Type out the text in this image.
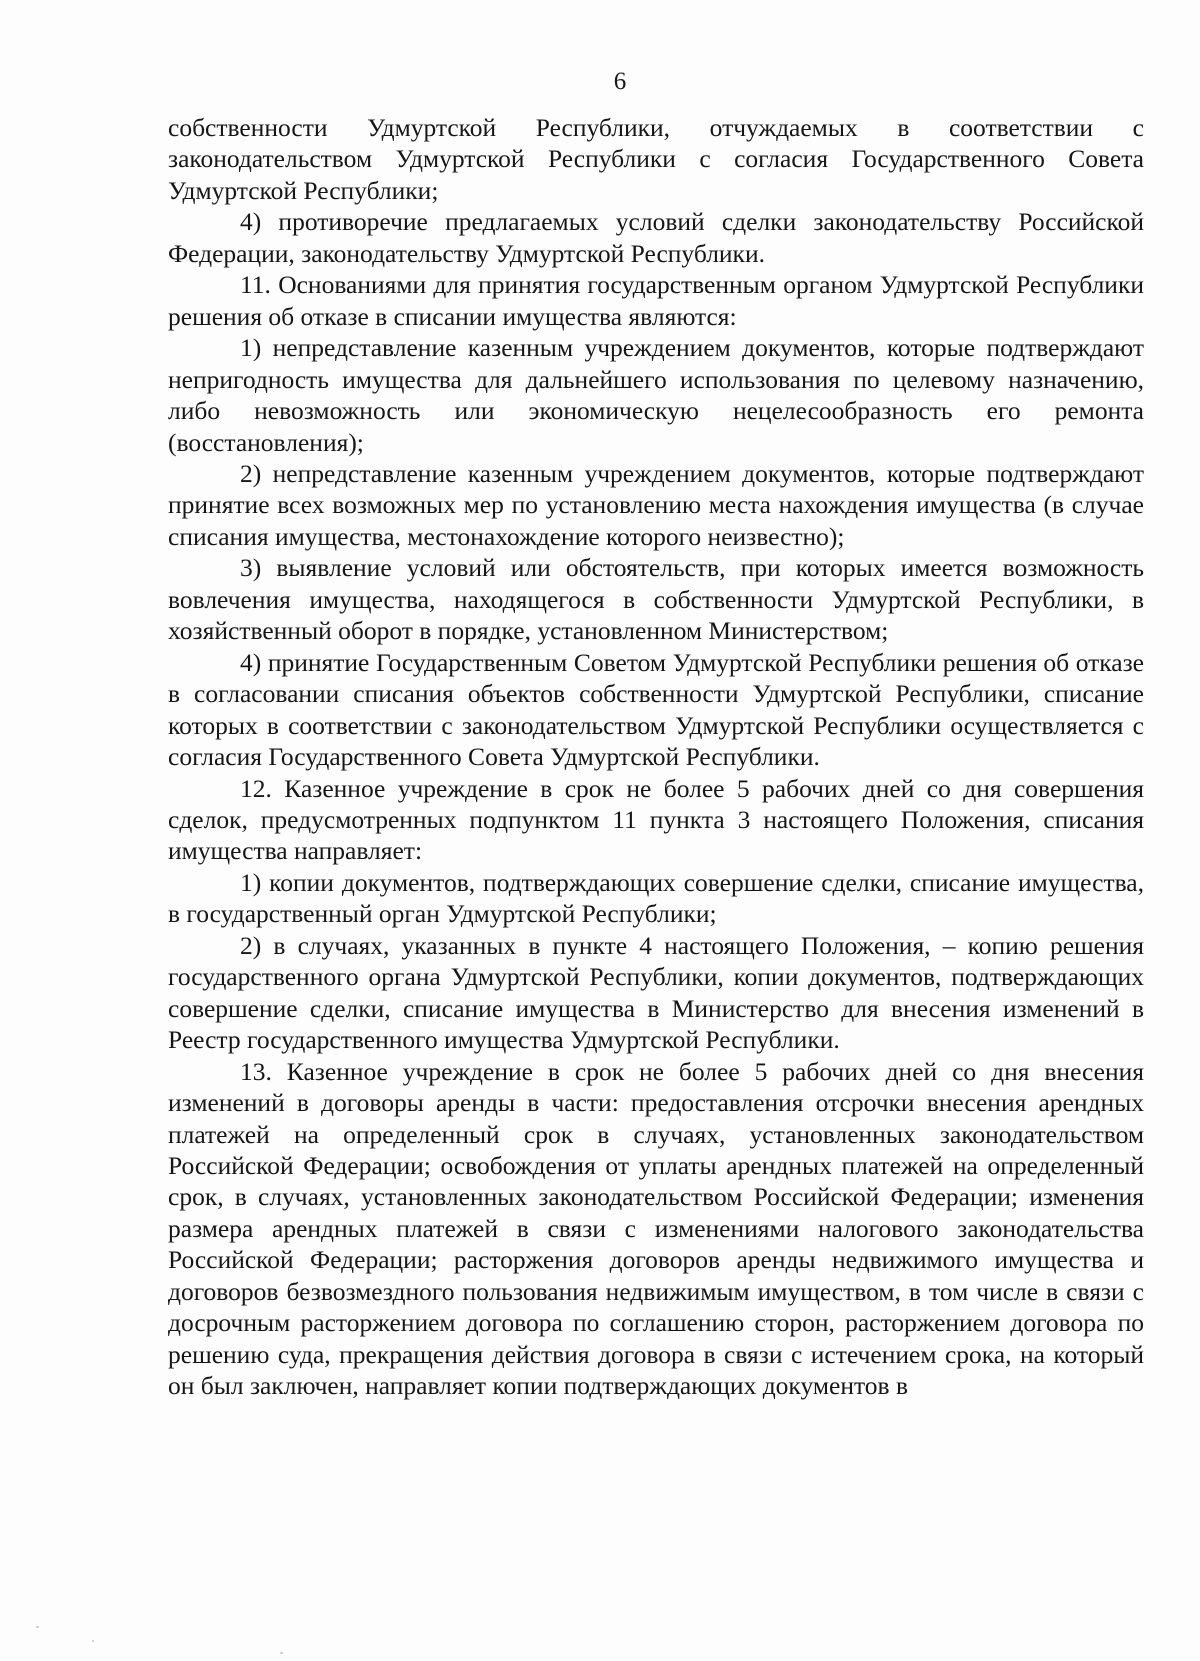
6

собственности Удмуртской Республики, отчуждаемых в соответствии с законодательством Удмуртской Республики с согласия Государственного Совета Удмуртской Республики;

4) противоречие предлагаемых условий сделки законодательству Российской Федерации, законодательству Удмуртской Республики.

11. Основаниями для принятия государственным органом Удмуртской Республики решения об отказе в списании имущества являются:

1) непредставление казенным учреждением документов, которые подтверждают непригодность имущества для дальнейшего использования по целевому назначению, либо невозможность или экономическую нецелесообразность его ремонта (восстановления);

2) непредставление казенным учреждением документов, которые подтверждают принятие всех возможных мер по установлению места нахождения имущества (в случае списания имущества, местонахождение которого неизвестно);

3) выявление условий или обстоятельств, при которых имеется возможность вовлечения имущества, находящегося в собственности Удмуртской Республики, в хозяйственный оборот в порядке, установленном Министерством;

4) принятие Государственным Советом Удмуртской Республики решения об отказе в согласовании списания объектов собственности Удмуртской Республики, списание которых в соответствии с законодательством Удмуртской Республики осуществляется с согласия Государственного Совета Удмуртской Республики.

12. Казенное учреждение в срок не более 5 рабочих дней со дня совершения сделок, предусмотренных подпунктом 11 пункта 3 настоящего Положения, списания имущества направляет:

1) копии документов, подтверждающих совершение сделки, списание имущества, в государственный орган Удмуртской Республики;

2) в случаях, указанных в пункте 4 настоящего Положения, – копию решения государственного органа Удмуртской Республики, копии документов, подтверждающих совершение сделки, списание имущества в Министерство для внесения изменений в Реестр государственного имущества Удмуртской Республики.

13. Казенное учреждение в срок не более 5 рабочих дней со дня внесения изменений в договоры аренды в части: предоставления отсрочки внесения арендных платежей на определенный срок в случаях, установленных законодательством Российской Федерации; освобождения от уплаты арендных платежей на определенный срок, в случаях, установленных законодательством Российской Федерации; изменения размера арендных платежей в связи с изменениями налогового законодательства Российской Федерации; расторжения договоров аренды недвижимого имущества и договоров безвозмездного пользования недвижимым имуществом, в том числе в связи с досрочным расторжением договора по соглашению сторон, расторжением договора по решению суда, прекращения действия договора в связи с истечением срока, на который он был заключен, направляет копии подтверждающих документов в
